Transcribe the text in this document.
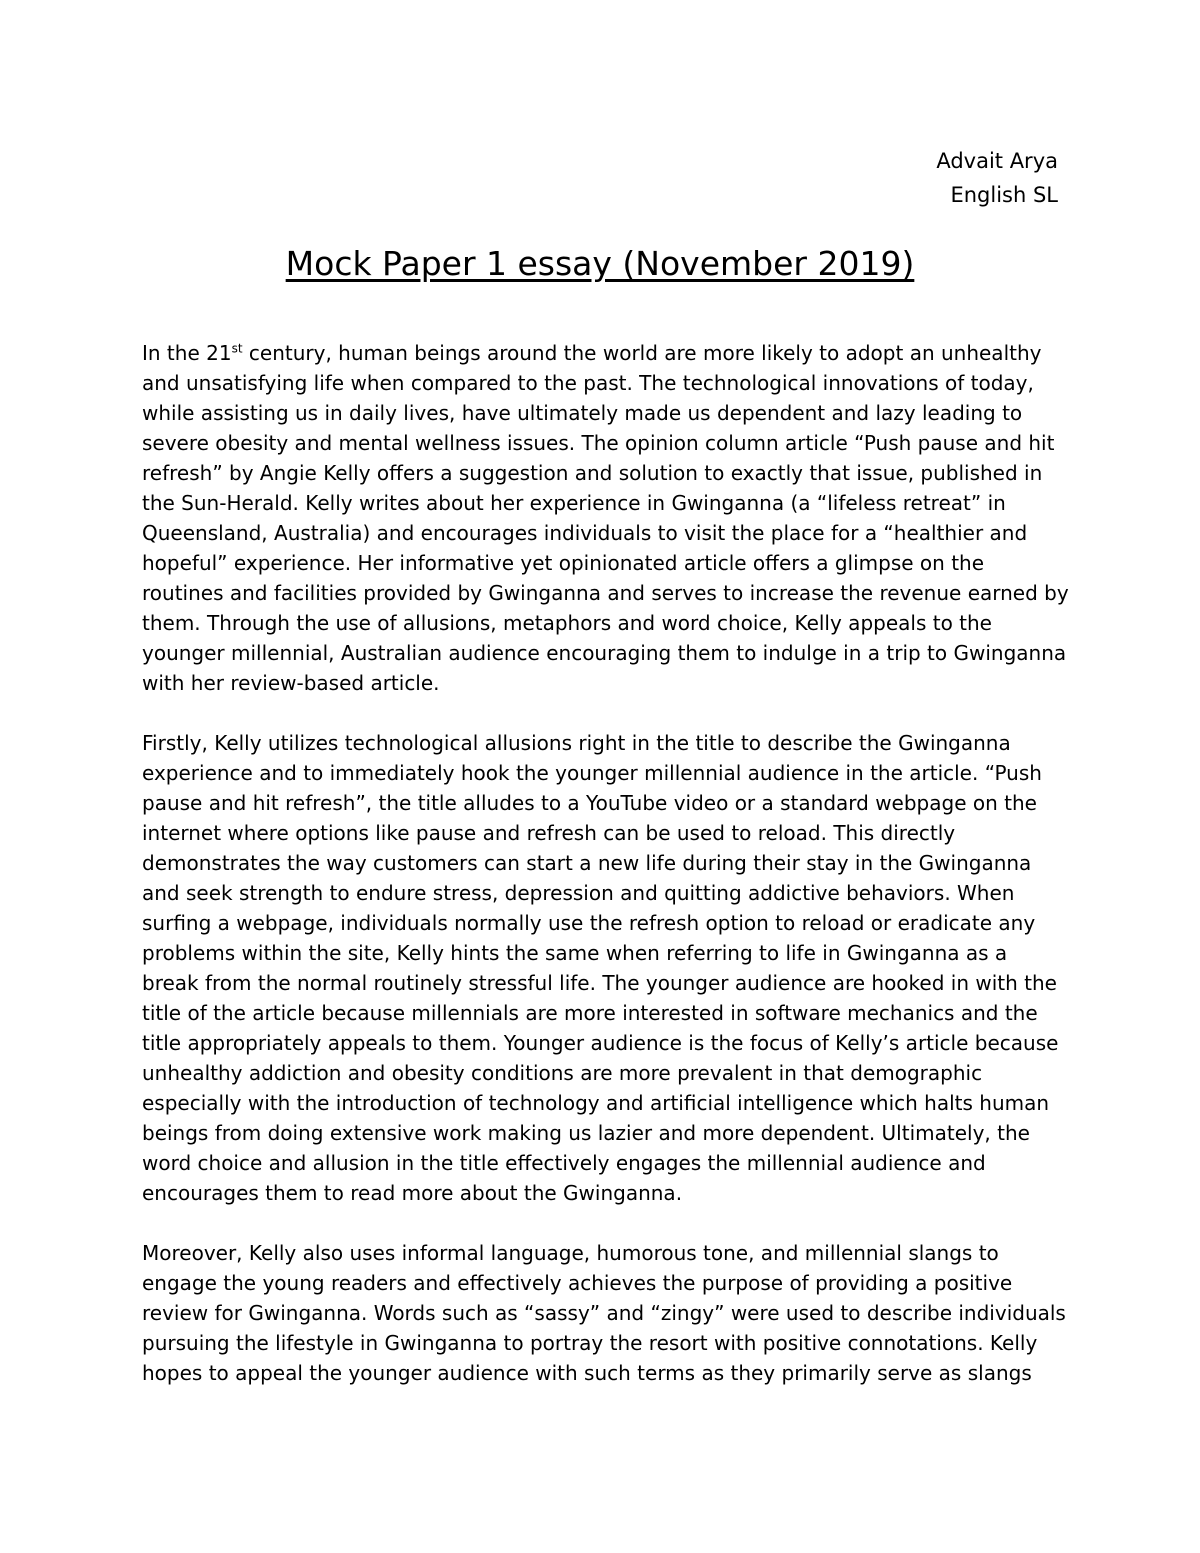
Advait Arya
English SL
Mock Paper 1 essay (November 2019)
In the 21st century, human beings around the world are more likely to adopt an unhealthy
and unsatisfying life when compared to the past. The technological innovations of today,
while assisting us in daily lives, have ultimately made us dependent and lazy leading to
severe obesity and mental wellness issues. The opinion column article “Push pause and hit
refresh” by Angie Kelly offers a suggestion and solution to exactly that issue, published in
the Sun-Herald. Kelly writes about her experience in Gwinganna (a “lifeless retreat” in
Queensland, Australia) and encourages individuals to visit the place for a “healthier and
hopeful” experience. Her informative yet opinionated article offers a glimpse on the
routines and facilities provided by Gwinganna and serves to increase the revenue earned by
them. Through the use of allusions, metaphors and word choice, Kelly appeals to the
younger millennial, Australian audience encouraging them to indulge in a trip to Gwinganna
with her review-based article.
Firstly, Kelly utilizes technological allusions right in the title to describe the Gwinganna
experience and to immediately hook the younger millennial audience in the article. “Push
pause and hit refresh”, the title alludes to a YouTube video or a standard webpage on the
internet where options like pause and refresh can be used to reload. This directly
demonstrates the way customers can start a new life during their stay in the Gwinganna
and seek strength to endure stress, depression and quitting addictive behaviors. When
surfing a webpage, individuals normally use the refresh option to reload or eradicate any
problems within the site, Kelly hints the same when referring to life in Gwinganna as a
break from the normal routinely stressful life. The younger audience are hooked in with the
title of the article because millennials are more interested in software mechanics and the
title appropriately appeals to them. Younger audience is the focus of Kelly’s article because
unhealthy addiction and obesity conditions are more prevalent in that demographic
especially with the introduction of technology and artificial intelligence which halts human
beings from doing extensive work making us lazier and more dependent. Ultimately, the
word choice and allusion in the title effectively engages the millennial audience and
encourages them to read more about the Gwinganna.
Moreover, Kelly also uses informal language, humorous tone, and millennial slangs to
engage the young readers and effectively achieves the purpose of providing a positive
review for Gwinganna. Words such as “sassy” and “zingy” were used to describe individuals
pursuing the lifestyle in Gwinganna to portray the resort with positive connotations. Kelly
hopes to appeal the younger audience with such terms as they primarily serve as slangs
